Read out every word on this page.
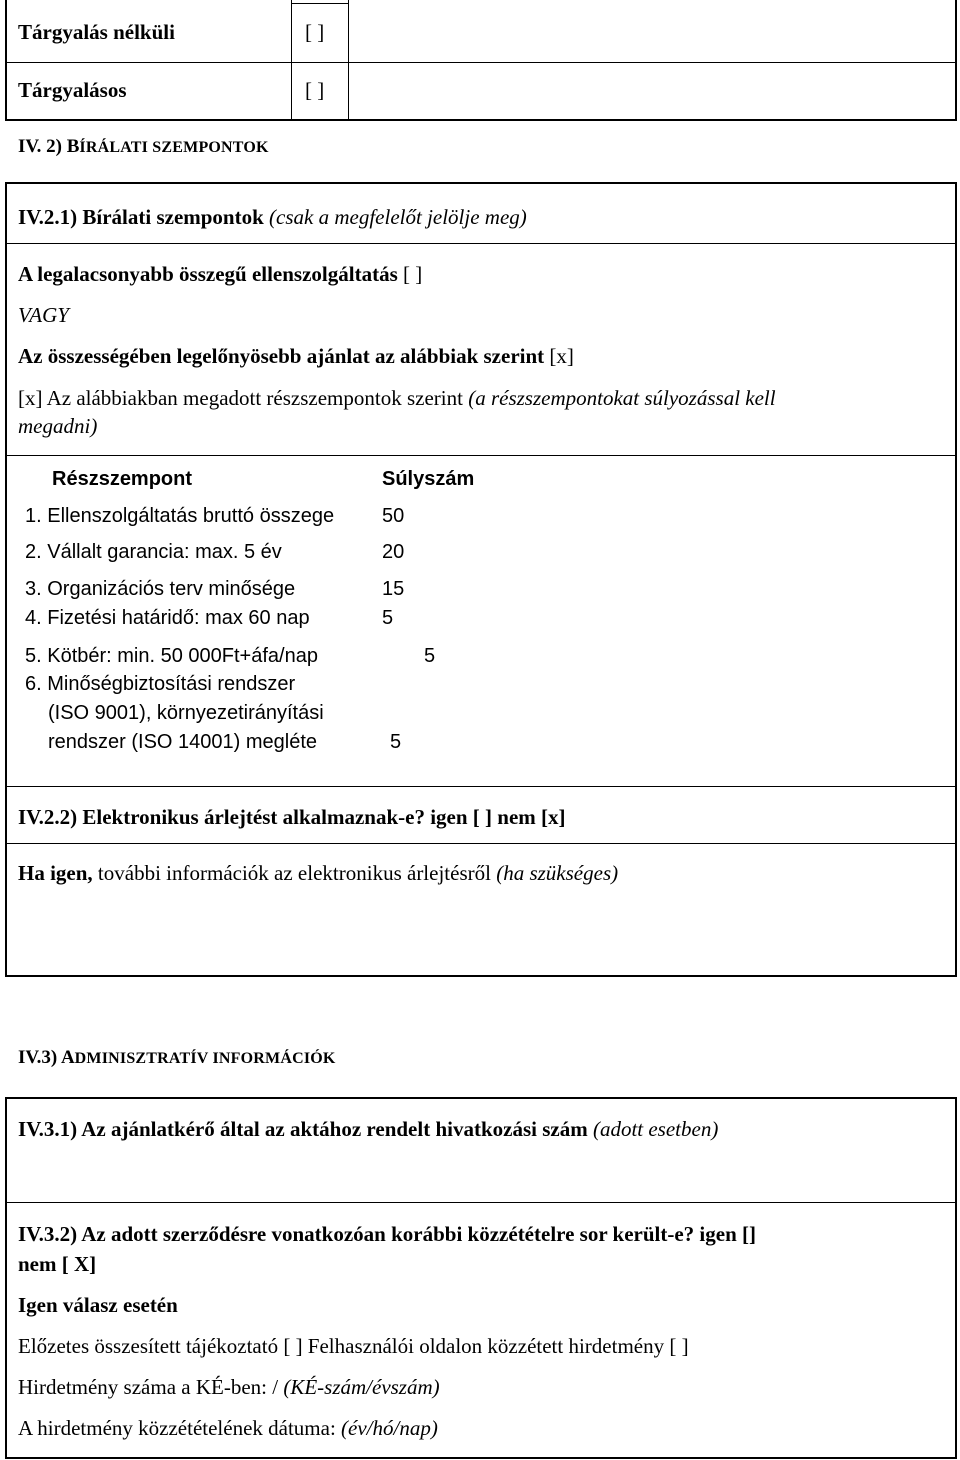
Tárgyalás nélküli	[ ]
Tárgyalásos	[ ]
IV. 2) BÍRÁLATI SZEMPONTOK
IV.2.1) Bírálati szempontok (csak a megfelelőt jelölje meg)
A legalacsonyabb összegű ellenszolgáltatás [ ]
VAGY
Az összességében legelőnyösebb ajánlat az alábbiak szerint [x]
[x] Az alábbiakban megadott részszempontok szerint (a részszempontokat súlyozással kell
megadni)
Részszempont	Súlyszám
1. Ellenszolgáltatás bruttó összege 50
2. Vállalt garancia: max. 5 év	20
3. Organizációs terv minősége	15
4. Fizetési határidő: max 60 nap	5
5. Kötbér: min. 50 000Ft+áfa/nap	5
6. Minőségbiztosítási rendszer
(ISO 9001), környezetirányítási
rendszer (ISO 14001) megléte	5
IV.2.2) Elektronikus árlejtést alkalmaznak-e? igen [ ] nem [x]
Ha igen, további információk az elektronikus árlejtésről (ha szükséges)
IV.3) ADMINISZTRATÍV INFORMÁCIÓK
IV.3.1) Az ajánlatkérő által az aktához rendelt hivatkozási szám (adott esetben)
IV.3.2) Az adott szerződésre vonatkozóan korábbi közzétételre sor került-e? igen []
nem [ X]
Igen válasz esetén
Előzetes összesített tájékoztató [ ] Felhasználói oldalon közzétett hirdetmény [ ]
Hirdetmény száma a KÉ-ben: / (KÉ-szám/évszám)
A hirdetmény közzétételének dátuma: (év/hó/nap)
